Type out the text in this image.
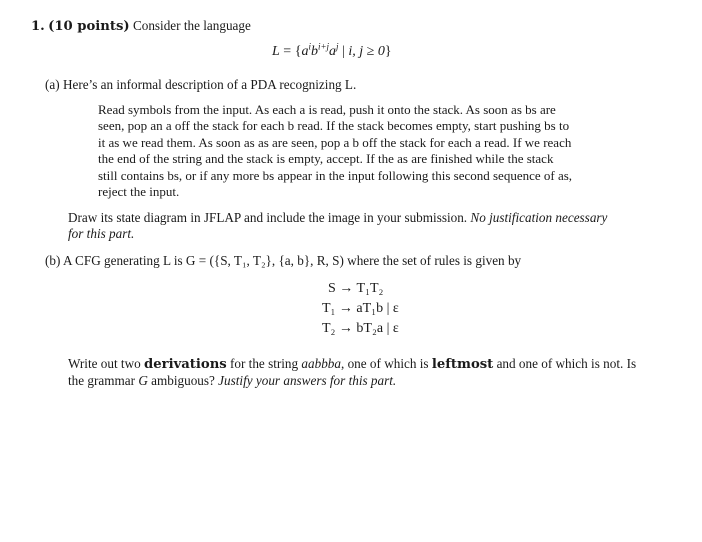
1. (10 points) Consider the language
$L = \{a^ib^{i+j}a^j$ | i, j ≥ 0}
(a) Here’s an informal description of a PDA recognizing L.
Read symbols from the input. As each a is read, push it onto the stack. As soon as bs are
seen, pop an a off the stack for each b read. If the stack becomes empty, start pushing bs to
it as we read them. As soon as as are seen, pop a b off the stack for each a read. If we reach
the end of the string and the stack is empty, accept. If the as are finished while the stack
still contains bs, or if any more bs appear in the input following this second sequence of as,
reject the input.
Draw its state diagram in JFLAP and include the image in your submission. No justification necessary
for this part.
(b) A CFG generating L is G = ({S, T₁, T₂}, {a, b}, R, S) where the set of rules is given by
S → T₁T₂
T₁ → aT₁b | ε
T₂ → bT₂a | ε
Write out two derivations for the string aabbba, one of which is leftmost and one of which is not. Is
the grammar G ambiguous? Justify your answers for this part.
